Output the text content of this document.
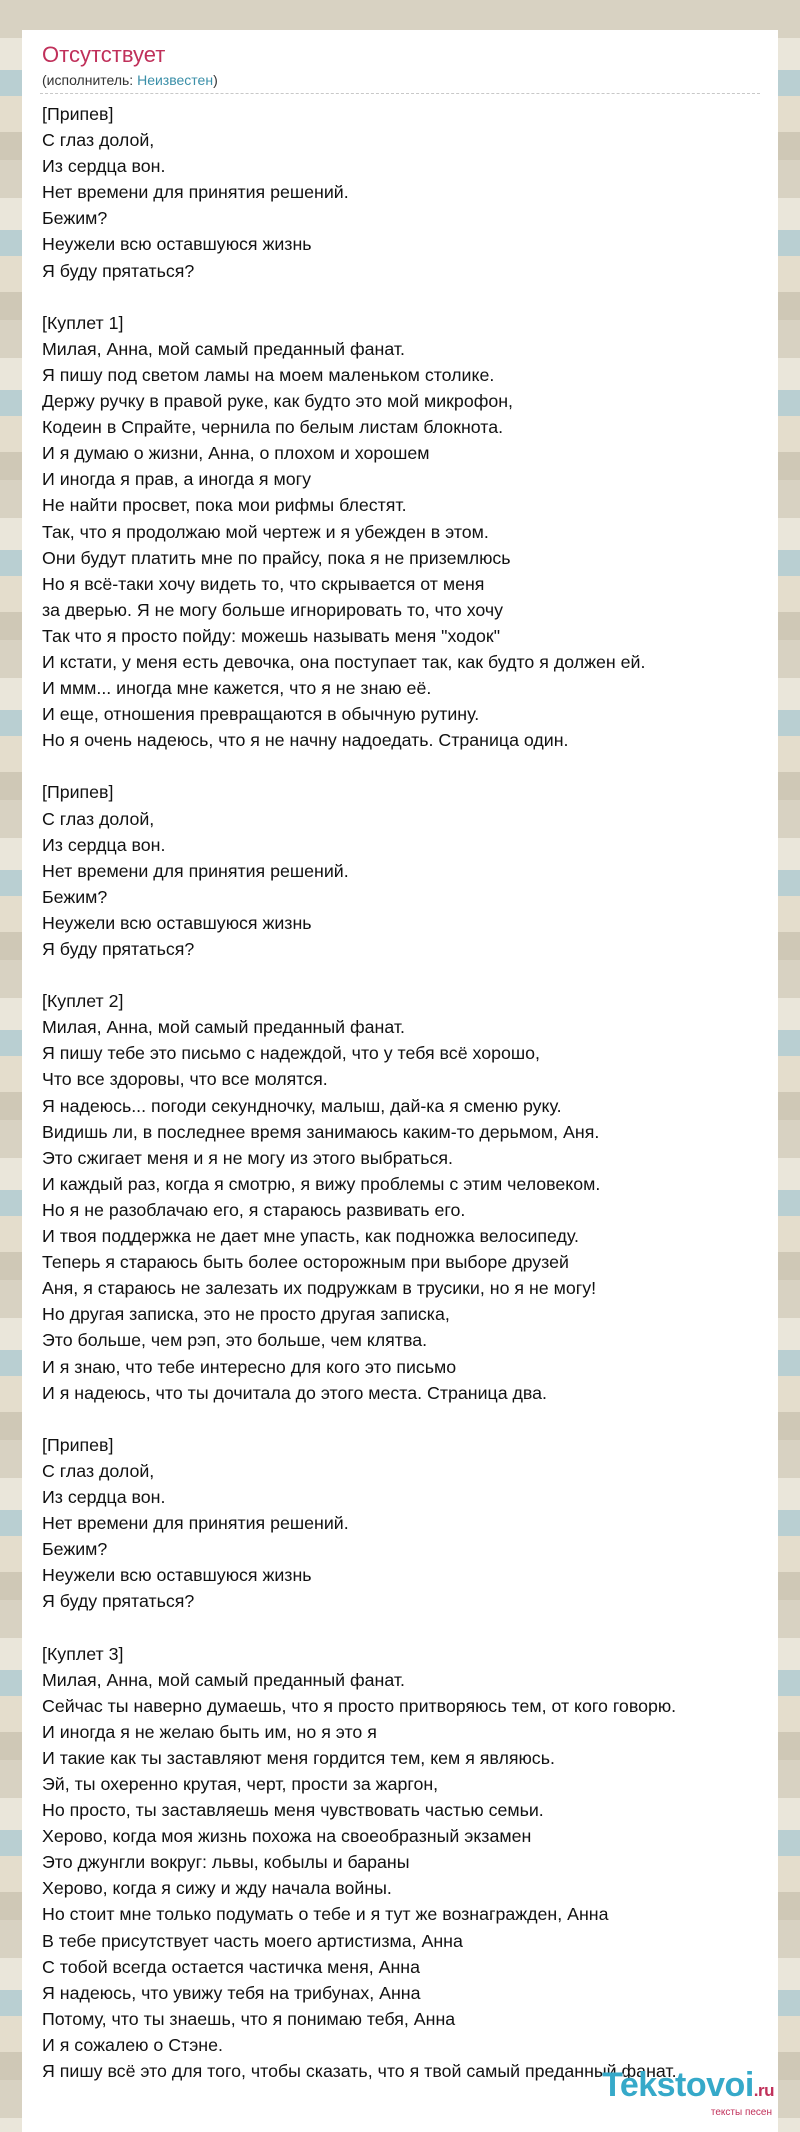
Отсутствует
(исполнитель: Неизвестен)
[Припев]
С глаз долой,
Из сердца вон.
Нет времени для принятия решений.
Бежим?
Неужели всю оставшуюся жизнь
Я буду прятаться?
[Куплет 1]
Милая, Анна, мой самый преданный фанат.
Я пишу под светом ламы на моем маленьком столике.
Держу ручку в правой руке, как будто это мой микрофон,
Кодеин в Спрайте, чернила по белым листам блокнота.
И я думаю о жизни, Анна, о плохом и хорошем
И иногда я прав, а иногда я могу
Не найти просвет, пока мои рифмы блестят.
Так, что я продолжаю мой чертеж и я убежден в этом.
Они будут платить мне по прайсу, пока я не приземлюсь
Но я всё-таки хочу видеть то, что скрывается от меня
за дверью. Я не могу больше игнорировать то, что хочу
Так что я просто пойду: можешь называть меня "ходок"
И кстати, у меня есть девочка, она поступает так, как будто я должен ей.
И ммм... иногда мне кажется, что я не знаю её.
И еще, отношения превращаются в обычную рутину.
Но я очень надеюсь, что я не начну надоедать. Страница один.
[Припев]
С глаз долой,
Из сердца вон.
Нет времени для принятия решений.
Бежим?
Неужели всю оставшуюся жизнь
Я буду прятаться?
[Куплет 2]
Милая, Анна, мой самый преданный фанат.
Я пишу тебе это письмо с надеждой, что у тебя всё хорошо,
Что все здоровы, что все молятся.
Я надеюсь... погоди секундночку, малыш, дай-ка я сменю руку.
Видишь ли, в последнее время занимаюсь каким-то дерьмом, Аня.
Это сжигает меня и я не могу из этого выбраться.
И каждый раз, когда я смотрю, я вижу проблемы с этим человеком.
Но я не разоблачаю его, я стараюсь развивать его.
И твоя поддержка не дает мне упасть, как подножка велосипеду.
Теперь я стараюсь быть более осторожным при выборе друзей
Аня, я стараюсь не залезать их подружкам в трусики, но я не могу!
Но другая записка, это не просто другая записка,
Это больше, чем рэп, это больше, чем клятва.
И я знаю, что тебе интересно для кого это письмо
И я надеюсь, что ты дочитала до этого места. Страница два.
[Припев]
С глаз долой,
Из сердца вон.
Нет времени для принятия решений.
Бежим?
Неужели всю оставшуюся жизнь
Я буду прятаться?
[Куплет 3]
Милая, Анна, мой самый преданный фанат.
Сейчас ты наверно думаешь, что я просто притворяюсь тем, от кого говорю.
И иногда я не желаю быть им, но я это я
И такие как ты заставляют меня гордится тем, кем я являюсь.
Эй, ты охеренно крутая, черт, прости за жаргон,
Но просто, ты заставляешь меня чувствовать частью семьи.
Херово, когда моя жизнь похожа на своеобразный экзамен
Это джунгли вокруг: львы, кобылы и бараны
Херово, когда я сижу и жду начала войны.
Но стоит мне только подумать о тебе и я тут же вознагражден, Анна
В тебе присутствует часть моего артистизма, Анна
С тобой всегда остается частичка меня, Анна
Я надеюсь, что увижу тебя на трибунах, Анна
Потому, что ты знаешь, что я понимаю тебя, Анна
И я сожалею о Стэне.
Я пишу всё это для того, чтобы сказать, что я твой самый преданный фанат.
Tekstovoi.ru
тексты песен
